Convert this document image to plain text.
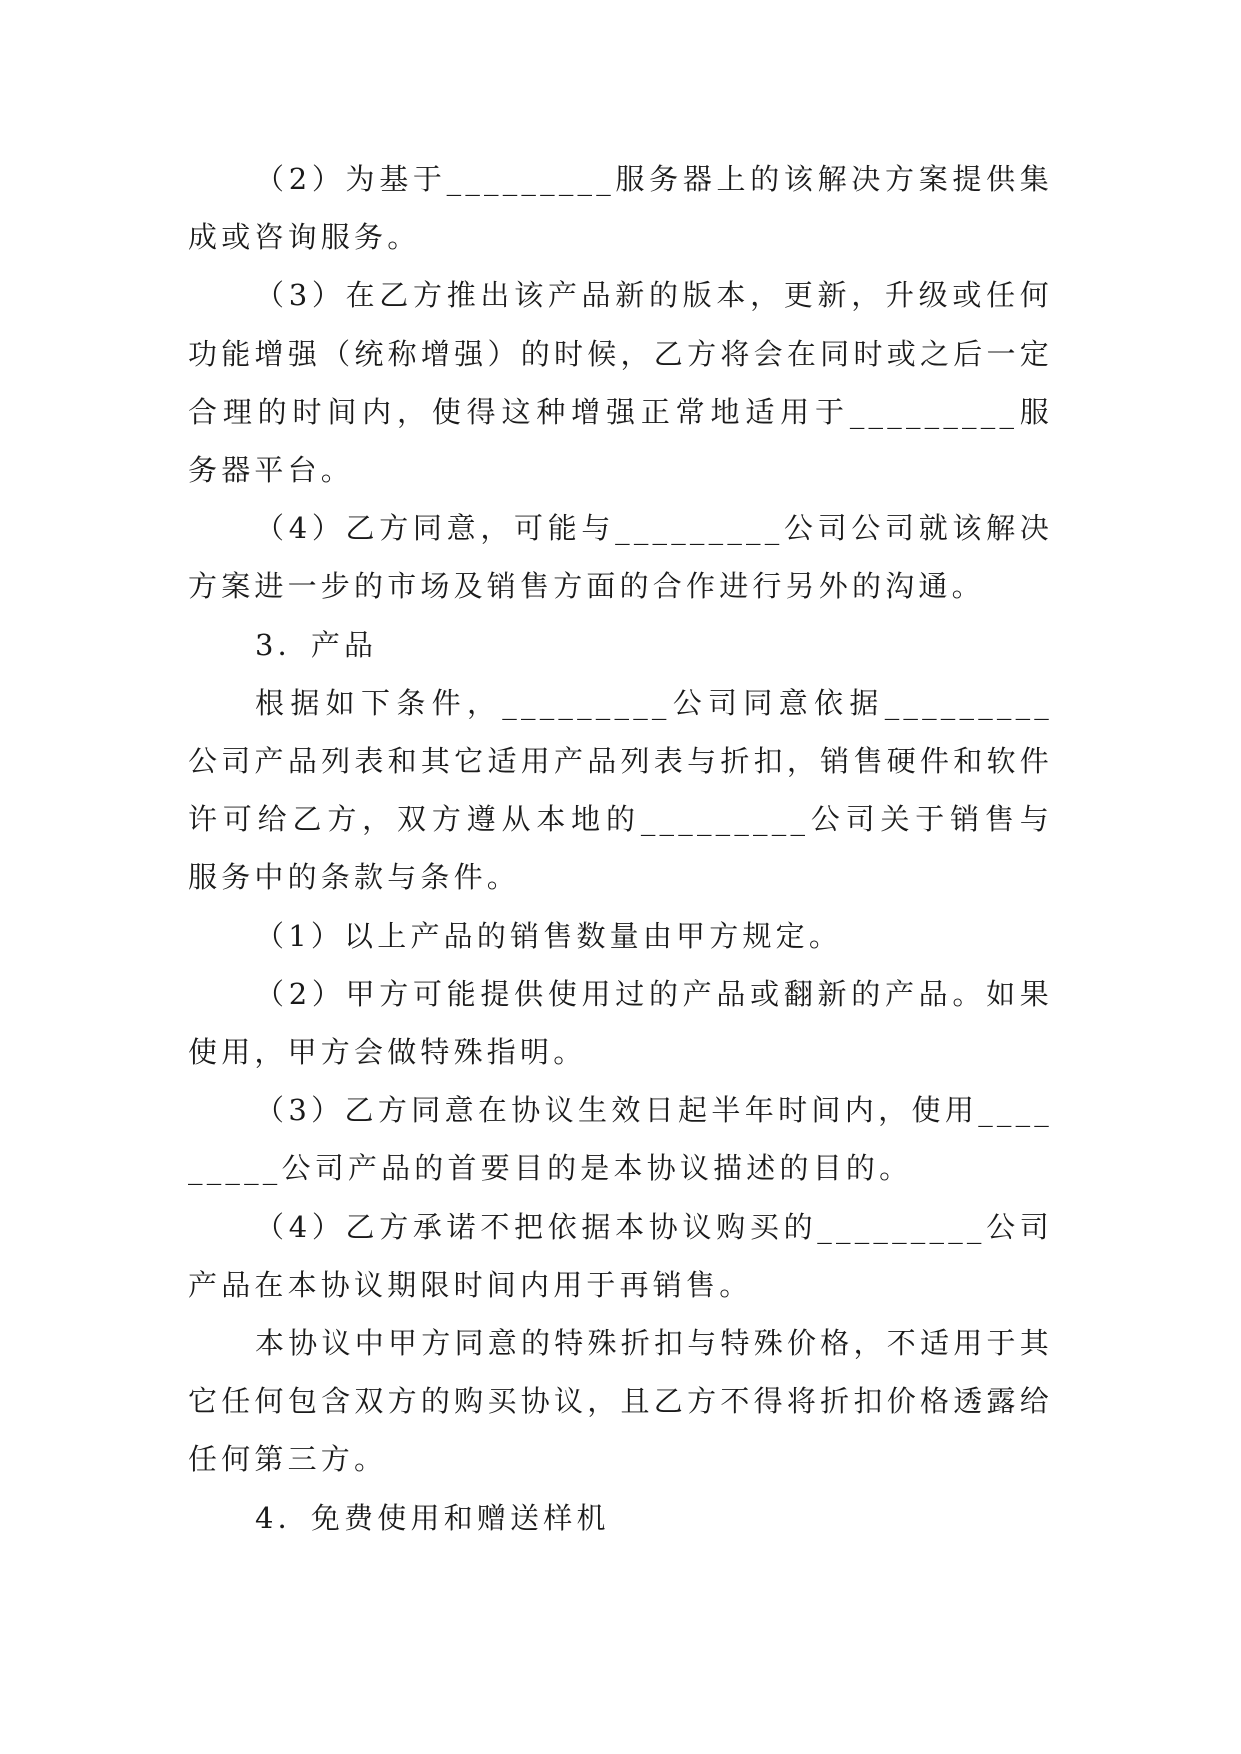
（2）为基于_________服务器上的该解决方案提供集成或咨询服务。

（3）在乙方推出该产品新的版本，更新，升级或任何功能增强（统称增强）的时候，乙方将会在同时或之后一定合理的时间内，使得这种增强正常地适用于_________服务器平台。

（4）乙方同意，可能与_________公司公司就该解决方案进一步的市场及销售方面的合作进行另外的沟通。

3．产品

根据如下条件，_________公司同意依据_________公司产品列表和其它适用产品列表与折扣，销售硬件和软件许可给乙方，双方遵从本地的_________公司关于销售与服务中的条款与条件。

（1）以上产品的销售数量由甲方规定。

（2）甲方可能提供使用过的产品或翻新的产品。如果使用，甲方会做特殊指明。

（3）乙方同意在协议生效日起半年时间内，使用_________公司产品的首要目的是本协议描述的目的。

（4）乙方承诺不把依据本协议购买的_________公司产品在本协议期限时间内用于再销售。

本协议中甲方同意的特殊折扣与特殊价格，不适用于其它任何包含双方的购买协议，且乙方不得将折扣价格透露给任何第三方。

4．免费使用和赠送样机
